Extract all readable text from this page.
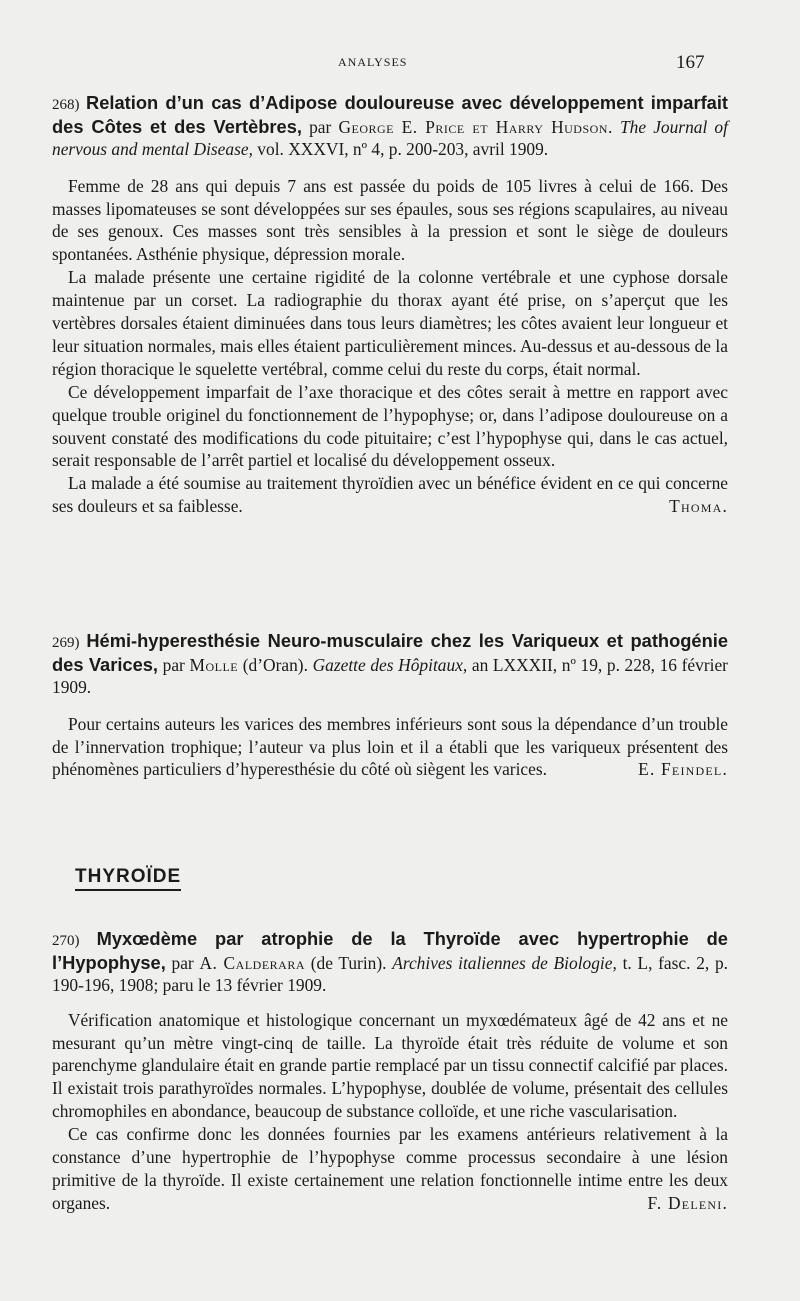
ANALYSES	167

268) Relation d’un cas d’Adipose douloureuse avec développement imparfait des Côtes et des Vertèbres, par George E. Price et Harry Hudson. The Journal of nervous and mental Disease, vol. XXXVI, nº 4, p. 200-203, avril 1909.

Femme de 28 ans qui depuis 7 ans est passée du poids de 105 livres à celui de 166. Des masses lipomateuses se sont développées sur ses épaules, sous ses régions scapulaires, au niveau de ses genoux. Ces masses sont très sensibles à la pression et sont le siège de douleurs spontanées. Asthénie physique, dépression morale.

La malade présente une certaine rigidité de la colonne vertébrale et une cyphose dorsale maintenue par un corset. La radiographie du thorax ayant été prise, on s’aperçut que les vertèbres dorsales étaient diminuées dans tous leurs diamètres; les côtes avaient leur longueur et leur situation normales, mais elles étaient particulièrement minces. Au-dessus et au-dessous de la région thoracique le squelette vertébral, comme celui du reste du corps, était normal.

Ce développement imparfait de l’axe thoracique et des côtes serait à mettre en rapport avec quelque trouble originel du fonctionnement de l’hypophyse; or, dans l’adipose douloureuse on a souvent constaté des modifications du code pituitaire; c’est l’hypophyse qui, dans le cas actuel, serait responsable de l’arrêt partiel et localisé du développement osseux.

La malade a été soumise au traitement thyroïdien avec un bénéfice évident en ce qui concerne ses douleurs et sa faiblesse.	Thoma.

269) Hémi-hyperesthésie Neuro-musculaire chez les Variqueux et pathogénie des Varices, par Molle (d’Oran). Gazette des Hôpitaux, an LXXXII, nº 19, p. 228, 16 février 1909.

Pour certains auteurs les varices des membres inférieurs sont sous la dépendance d’un trouble de l’innervation trophique; l’auteur va plus loin et il a établi que les variqueux présentent des phénomènes particuliers d’hyperesthésie du côté où siègent les varices.	E. Feindel.

THYROÏDE

270) Myxœdème par atrophie de la Thyroïde avec hypertrophie de l’Hypophyse, par A. Calderara (de Turin). Archives italiennes de Biologie, t. L, fasc. 2, p. 190-196, 1908; paru le 13 février 1909.

Vérification anatomique et histologique concernant un myxœdémateux âgé de 42 ans et ne mesurant qu’un mètre vingt-cinq de taille. La thyroïde était très réduite de volume et son parenchyme glandulaire était en grande partie remplacé par un tissu connectif calcifié par places. Il existait trois parathyroïdes normales. L’hypophyse, doublée de volume, présentait des cellules chromophiles en abondance, beaucoup de substance colloïde, et une riche vascularisation.

Ce cas confirme donc les données fournies par les examens antérieurs relativement à la constance d’une hypertrophie de l’hypophyse comme processus secondaire à une lésion primitive de la thyroïde. Il existe certainement une relation fonctionnelle intime entre les deux organes.	F. Deleni.
